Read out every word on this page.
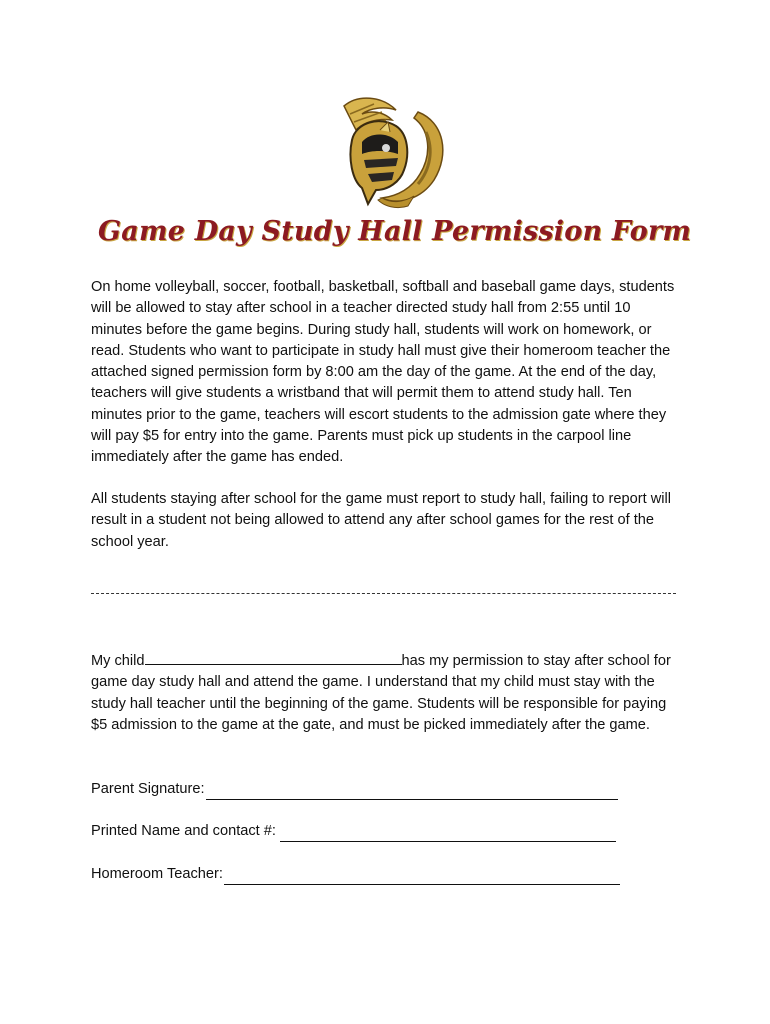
Game Day Study Hall Permission Form

On home volleyball, soccer, football, basketball, softball and baseball game days, students will be allowed to stay after school in a teacher directed study hall from 2:55 until 10 minutes before the game begins. During study hall, students will work on homework, or read. Students who want to participate in study hall must give their homeroom teacher the attached signed permission form by 8:00 am the day of the game. At the end of the day, teachers will give students a wristband that will permit them to attend study hall. Ten minutes prior to the game, teachers will escort students to the admission gate where they will pay $5 for entry into the game. Parents must pick up students in the carpool line immediately after the game has ended.

All students staying after school for the game must report to study hall, failing to report will result in a student not being allowed to attend any after school games for the rest of the school year.

My child	has my permission to stay after school for game day study hall and attend the game. I understand that my child must stay with the study hall teacher until the beginning of the game. Students will be responsible for paying $5 admission to the game at the gate, and must be picked immediately after the game.

Parent Signature:
Printed Name and contact #:
Homeroom Teacher:
